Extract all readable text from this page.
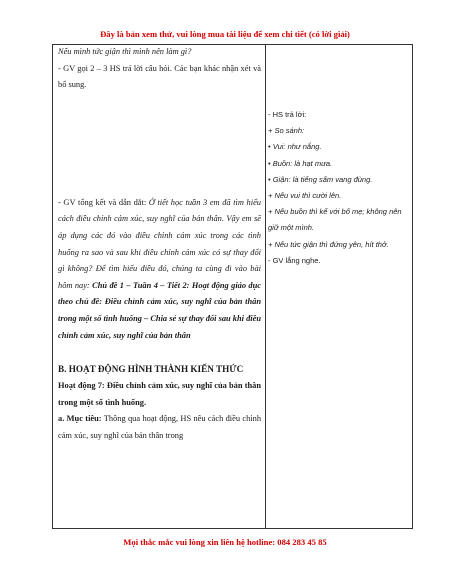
Đây là bản xem thử, vui lòng mua tài liệu để xem chi tiết (có lời giải)

Nếu mình tức giận thì mình nên làm gì?

- GV gọi 2 – 3 HS trả lời câu hỏi. Các bạn khác nhận xét và bổ sung.

- GV tổng kết và dẫn dắt: Ở tiết học tuần 3 em đã tìm hiểu cách điều chỉnh cảm xúc, suy nghĩ của bản thân. Vậy em sẽ áp dụng các đó vào điều chỉnh cảm xúc trong các tình huống ra sao và sau khi điều chỉnh cảm xúc có sự thay đổi gì không? Để tìm hiểu điều đó, chúng ta cùng đi vào bài hôm nay: Chủ đề 1 – Tuần 4 – Tiết 2: Hoạt động giáo dục theo chủ đề: Điều chỉnh cảm xúc, suy nghĩ của bản thân trong một số tình huống – Chia sẻ sự thay đổi sau khi điều chỉnh cảm xúc, suy nghĩ của bản thân

B. HOẠT ĐỘNG HÌNH THÀNH KIẾN THỨC

Hoạt động 7: Điều chỉnh cảm xúc, suy nghĩ của bản thân trong một số tình huống.

a. Mục tiêu: Thông qua hoạt động, HS nêu cách điều chỉnh cảm xúc, suy nghĩ của bản thân trong

- HS trả lời:

+ So sánh:

• Vui: như nắng.

• Buồn: là hạt mưa.

• Giận: là tiếng sấm vang đùng.

+ Nếu vui thì cười lên.

+ Nếu buồn thì kể với bố mẹ; không nên giữ một mình.

+ Nếu tức giận thì đứng yên, hít thở.

- GV lắng nghe.

Mọi thắc mắc vui lòng xin liên hệ hotline: 084 283 45 85
